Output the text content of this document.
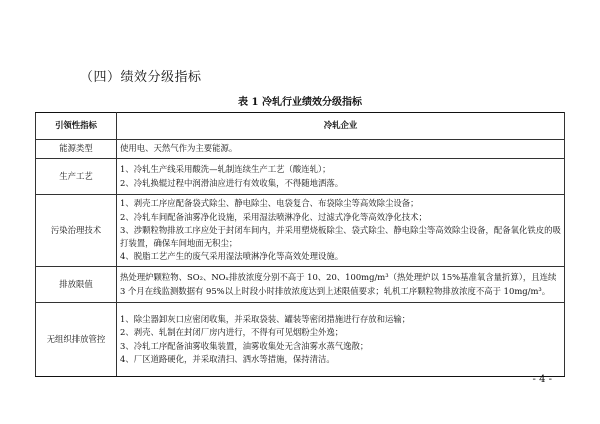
（四）绩效分级指标
表 1 冷轧行业绩效分级指标
引领性指标	冷轧企业
能源类型	使用电、天然气作为主要能源。

生产工艺	1、冷轧生产线采用酸洗—轧制连续生产工艺（酸连轧）；
2、冷轧换辊过程中润滑油应进行有效收集，不得随地洒落。

污染治理技术	1、剥壳工序应配备袋式除尘、静电除尘、电袋复合、布袋除尘等高效除尘设备；
2、冷轧车间配备油雾净化设施，采用湿法喷淋净化、过滤式净化等高效净化技术；
3、涉颗粒物排放工序应处于封闭车间内，并采用塑烧板除尘、袋式除尘、静电除尘等高效除尘设备，配备氧化铁皮的吸打装置，确保车间地面无积尘；
4、脱脂工艺产生的废气采用湿法喷淋净化等高效处理设施。

排放限值	热处理炉颗粒物、SO₂、NOₓ排放浓度分别不高于 10、20、100mg/m³（热处理炉以 15%基准氧含量折算），且连续 3 个月在线监测数据有 95%以上时段小时排放浓度达到上述限值要求；轧机工序颗粒物排放浓度不高于 10mg/m³。

无组织排放管控	1、除尘器卸灰口应密闭收集，并采取袋装、罐装等密闭措施进行存放和运输；
2、剥壳、轧制在封闭厂房内进行，不得有可见烟粉尘外逸；
3、冷轧工序配备油雾收集装置，油雾收集处无含油雾水蒸气逸散；
4、厂区道路硬化，并采取清扫、洒水等措施，保持清洁。
- 4 -
